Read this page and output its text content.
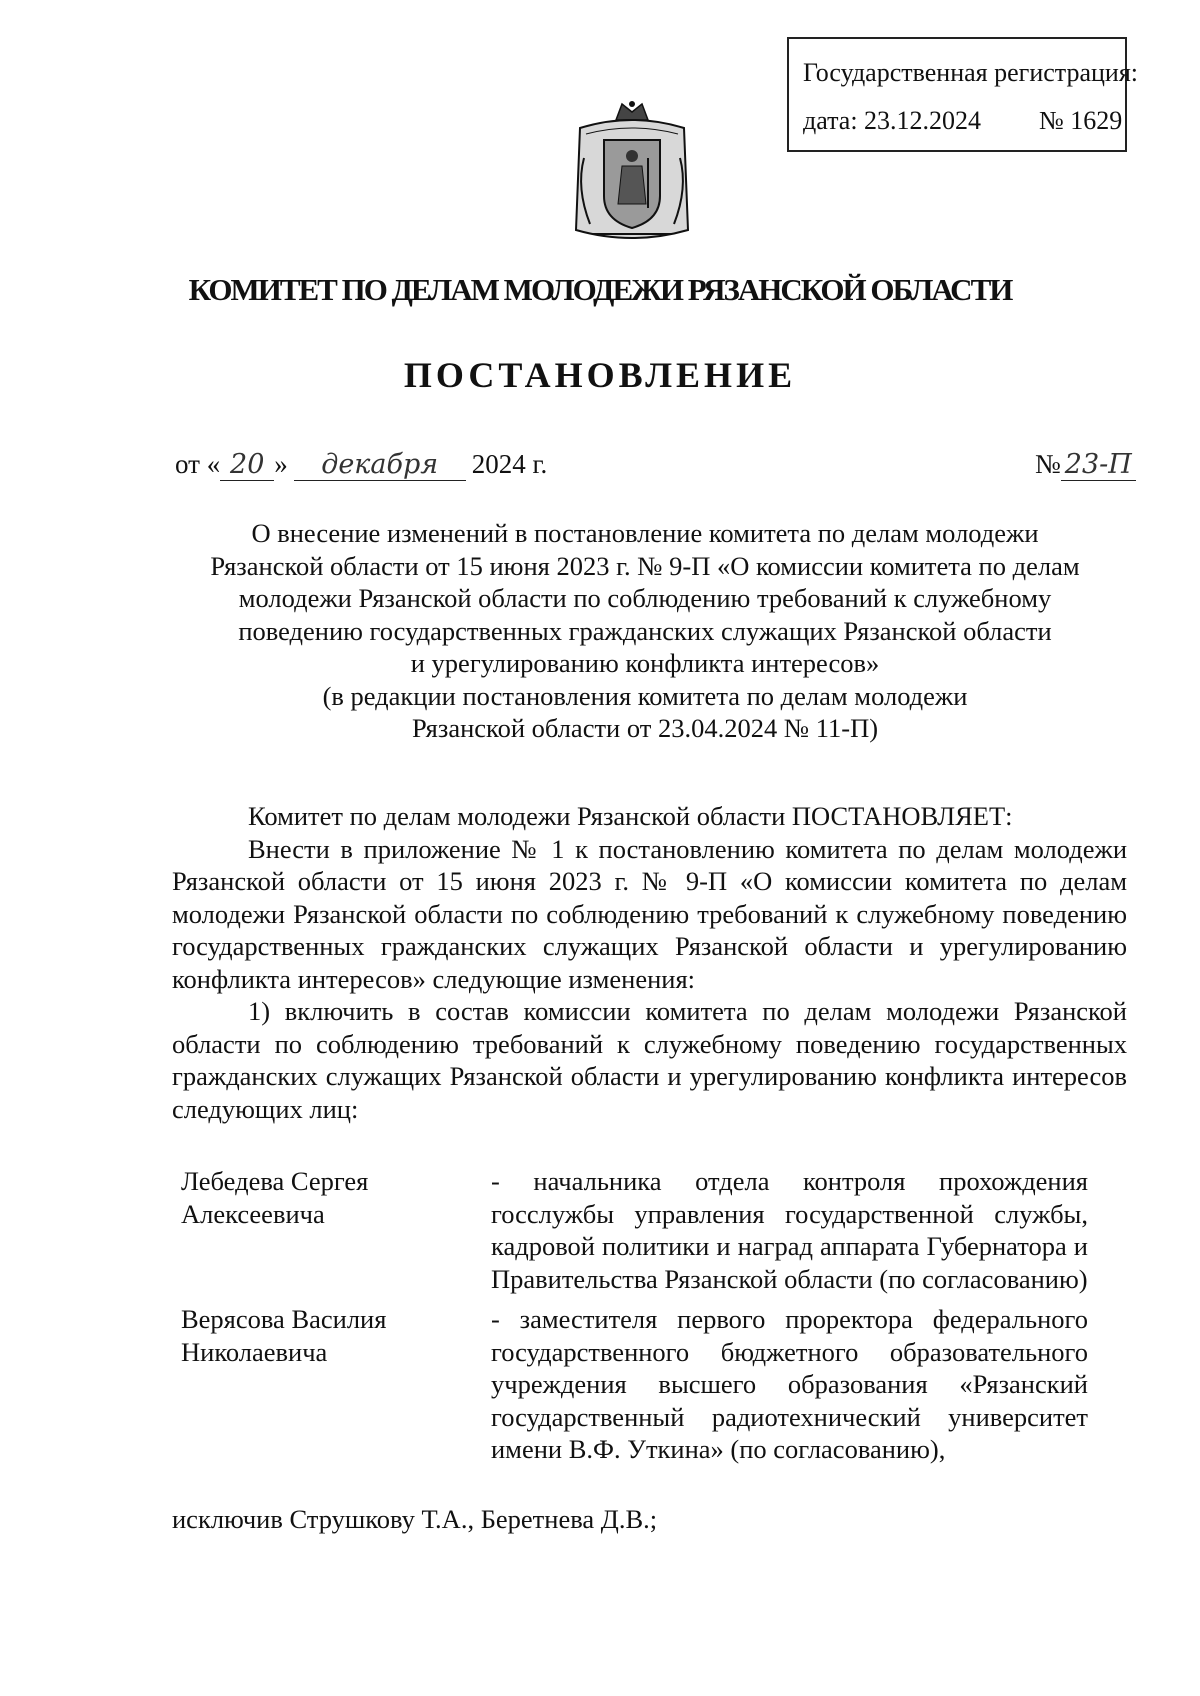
Государственная регистрация:
дата: 23.12.2024 № 1629
КОМИТЕТ ПО ДЕЛАМ МОЛОДЕЖИ РЯЗАНСКОЙ ОБЛАСТИ
ПОСТАНОВЛЕНИЕ
от « 20 » декабря 2024 г.	№ 23-П
О внесение изменений в постановление комитета по делам молодежи
Рязанской области от 15 июня 2023 г. № 9-П «О комиссии комитета по делам
молодежи Рязанской области по соблюдению требований к служебному
поведению государственных гражданских служащих Рязанской области
и урегулированию конфликта интересов»
(в редакции постановления комитета по делам молодежи
Рязанской области от 23.04.2024 № 11-П)

Комитет по делам молодежи Рязанской области ПОСТАНОВЛЯЕТ:

Внести в приложение № 1 к постановлению комитета по делам молодежи Рязанской области от 15 июня 2023 г. № 9-П «О комиссии комитета по делам молодежи Рязанской области по соблюдению требований к служебному поведению государственных гражданских служащих Рязанской области и урегулированию конфликта интересов» следующие изменения:

1) включить в состав комиссии комитета по делам молодежи Рязанской области по соблюдению требований к служебному поведению государственных гражданских служащих Рязанской области и урегулированию конфликта интересов следующих лиц:

Лебедева Сергея
Алексеевича
- начальника отдела контроля прохождения госслужбы управления государственной службы, кадровой политики и наград аппарата Губернатора и Правительства Рязанской области (по согласованию)
Верясова Василия
Николаевича
- заместителя первого проректора федерального государственного бюджетного образовательного учреждения высшего образования «Рязанский государственный радиотехнический университет имени В.Ф. Уткина» (по согласованию),
исключив Струшкову Т.А., Беретнева Д.В.;
